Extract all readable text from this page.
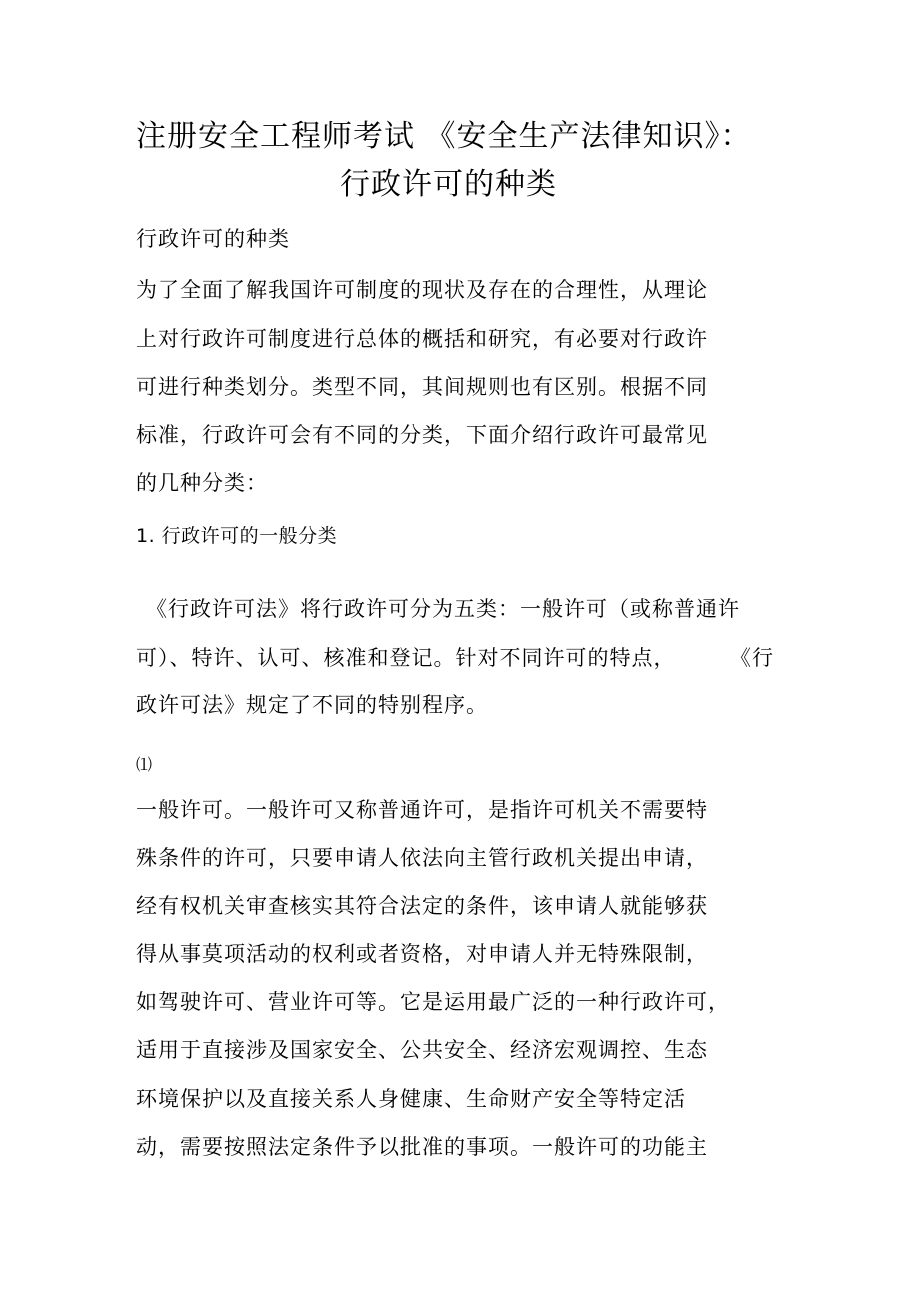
注册安全工程师考试 《安全生产法律知识》：
行政许可的种类
行政许可的种类
为了全面了解我国许可制度的现状及存在的合理性，从理论
上对行政许可制度进行总体的概括和研究，有必要对行政许
可进行种类划分。类型不同，其间规则也有区别。根据不同
标准，行政许可会有不同的分类，下面介绍行政许可最常见
的几种分类：
1. 行政许可的一般分类
《行政许可法》将行政许可分为五类：一般许可（或称普通许
可）、特许、认可、核准和登记。针对不同许可的特点，	《行
政许可法》规定了不同的特别程序。
⑴
一般许可。一般许可又称普通许可，是指许可机关不需要特
殊条件的许可，只要申请人依法向主管行政机关提出申请，
经有权机关审查核实其符合法定的条件，该申请人就能够获
得从事莫项活动的权利或者资格，对申请人并无特殊限制，
如驾驶许可、营业许可等。它是运用最广泛的一种行政许可，
适用于直接涉及国家安全、公共安全、经济宏观调控、生态
环境保护以及直接关系人身健康、生命财产安全等特定活
动，需要按照法定条件予以批准的事项。一般许可的功能主
